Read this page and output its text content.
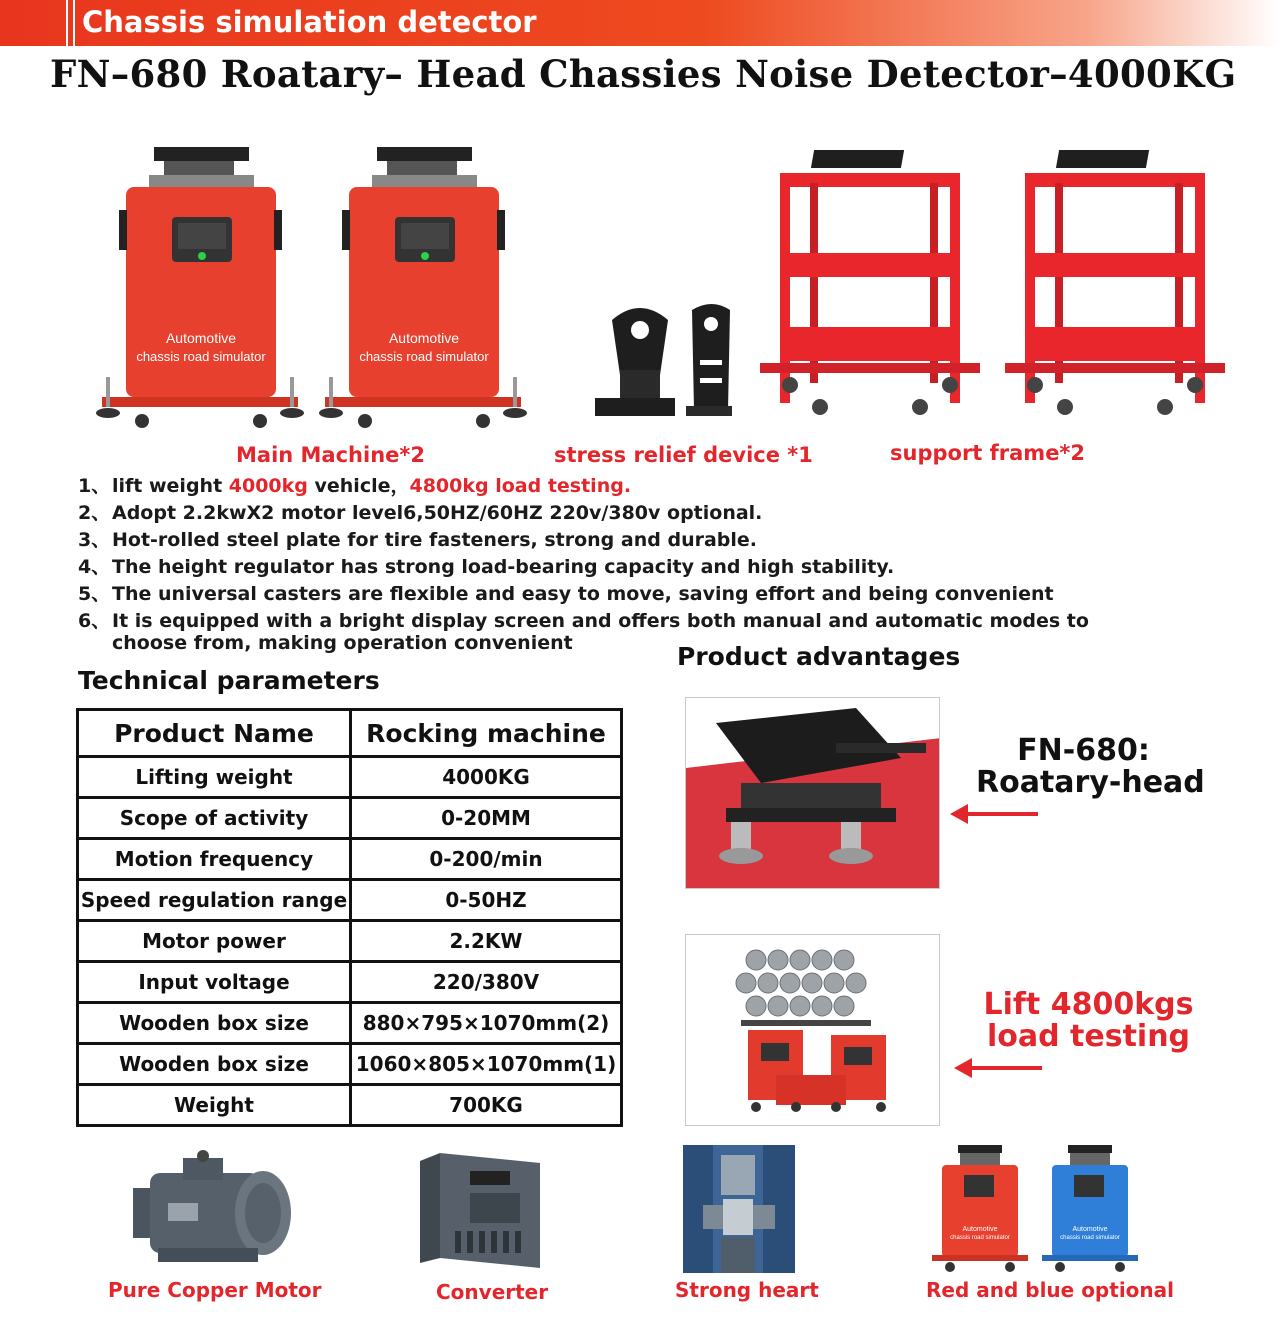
Chassis simulation detector
FN–680 Roatary– Head Chassies Noise Detector–4000KG
Automotive
chassis road simulator
Automotive
chassis road simulator
Main Machine*2	stress relief device *1	support frame*2
1、lift weight 4000kg vehicle，4800kg load testing.
2、Adopt 2.2kwX2 motor level6,50HZ/60HZ 220v/380v optional.
3、Hot-rolled steel plate for tire fasteners, strong and durable.
4、The height regulator has strong load-bearing capacity and high stability.
5、The universal casters are flexible and easy to move, saving effort and being convenient
6、It is equipped with a bright display screen and offers both manual and automatic modes to
choose from, making operation convenient
Technical parameters
Product advantages
Product Name	Rocking machine
Lifting weight	4000KG
Scope of activity	0-20MM
Motion frequency	0-200/min
Speed regulation range	0-50HZ
Motor power	2.2KW
Input voltage	220/380V
Wooden box size	880×795×1070mm(2)
Wooden box size	1060×805×1070mm(1)
Weight	700KG
FN-680:
Roatary-head
Lift 4800kgs
load testing
Automotive
chassis road simulator
Automotive
chassis road simulator
Pure Copper Motor	Converter	Strong heart	Red and blue optional
